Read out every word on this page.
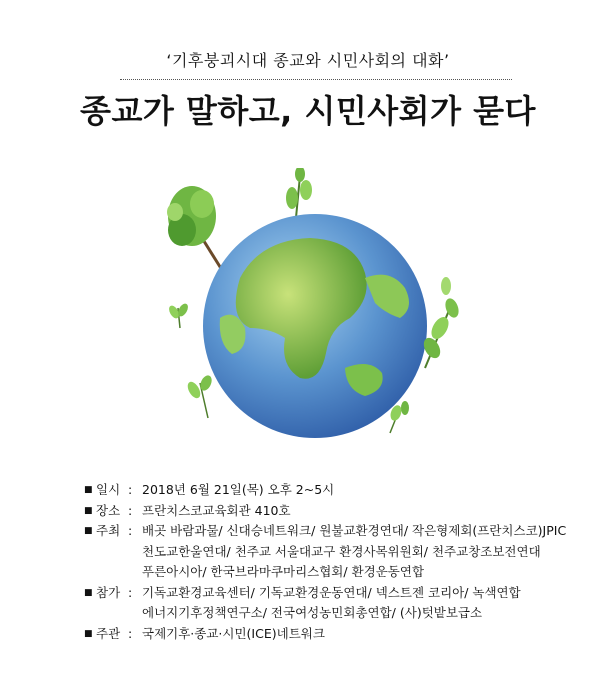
‘기후붕괴시대 종교와 시민사회의 대화’
종교가 말하고, 시민사회가 묻다
■ 일시 : 2018년 6월 21일(목) 오후 2~5시
■ 장소 : 프란치스코교육회관 410호
■ 주최 : 배곳 바람과물/ 신대승네트워크/ 원불교환경연대/ 작은형제회(프란치스코)JPIC
천도교한울연대/ 천주교 서울대교구 환경사목위원회/ 천주교창조보전연대
푸른아시아/ 한국브라마쿠마리스협회/ 환경운동연합
■ 참가 : 기독교환경교육센터/ 기독교환경운동연대/ 넥스트젠 코리아/ 녹색연합
에너지기후정책연구소/ 전국여성농민회총연합/ (사)텃밭보급소
■ 주관 : 국제기후·종교·시민(ICE)네트워크
